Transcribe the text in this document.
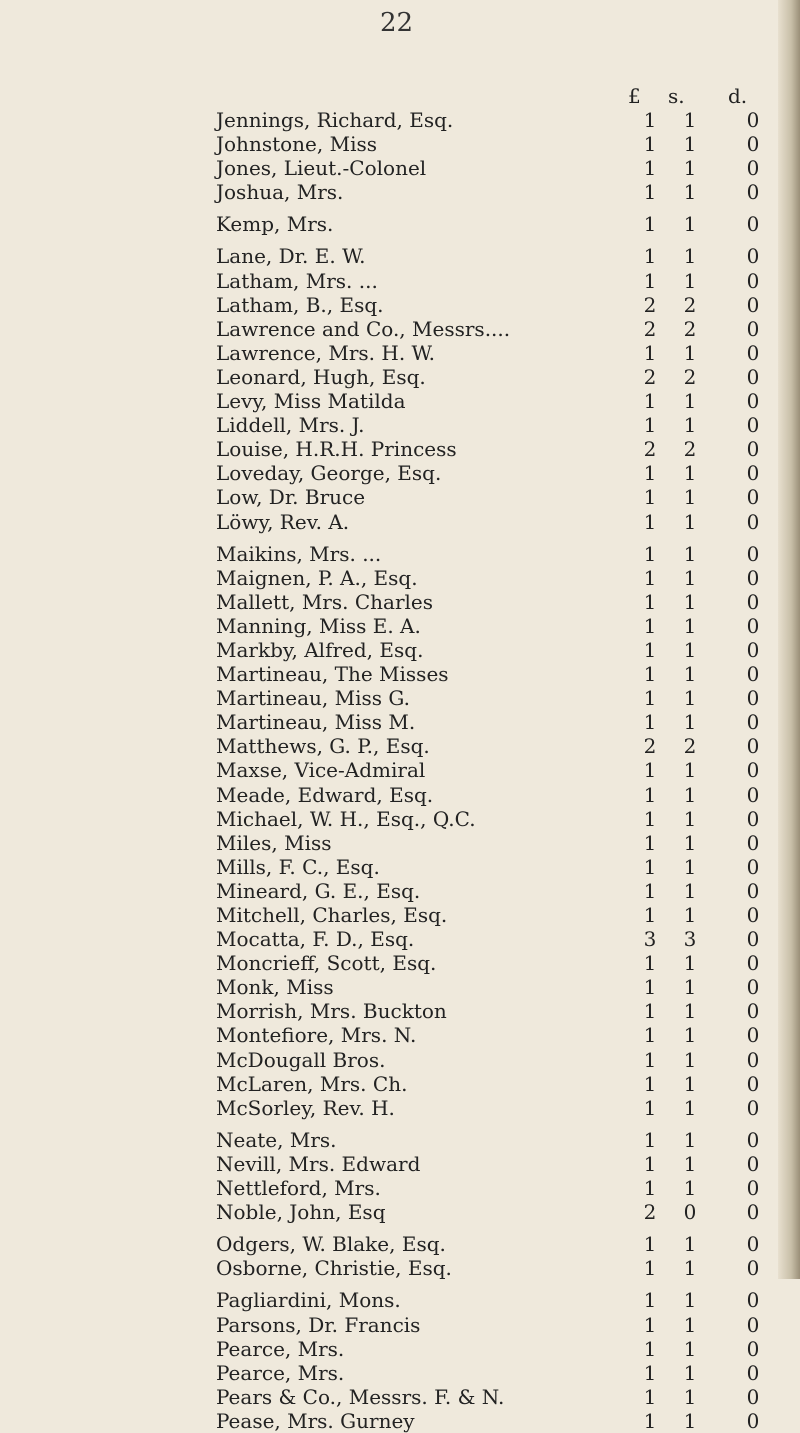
22
£ s. d.
Jennings, Richard, Esq.	1 1	0
Johnstone, Miss	1 1	0
Jones, Lieut.-Colonel	1 1	0
Joshua, Mrs.	1 1	0
Kemp, Mrs.	1 1	0
Lane, Dr. E. W.	1 1	0
Latham, Mrs. ...	1 1	0
Latham, B., Esq.	2 2	0
Lawrence and Co., Messrs....	2 2	0
Lawrence, Mrs. H. W.	1 1	0
Leonard, Hugh, Esq.	2 2	0
Levy, Miss Matilda	1 1	0
Liddell, Mrs. J.	1 1	0
Louise, H.R.H. Princess	2 2	0
Loveday, George, Esq.	1 1	0
Low, Dr. Bruce	1 1	0
Löwy, Rev. A.	1 1	0
Maikins, Mrs. ...	1 1	0
Maignen, P. A., Esq.	1 1	0
Mallett, Mrs. Charles	1 1	0
Manning, Miss E. A.	1 1	0
Markby, Alfred, Esq.	1 1	0
Martineau, The Misses	1 1	0
Martineau, Miss G.	1 1	0
Martineau, Miss M.	1 1	0
Matthews, G. P., Esq.	2 2	0
Maxse, Vice-Admiral	1 1	0
Meade, Edward, Esq.	1 1	0
Michael, W. H., Esq., Q.C.	1 1	0
Miles, Miss	1 1	0
Mills, F. C., Esq.	1 1	0
Mineard, G. E., Esq.	1 1	0
Mitchell, Charles, Esq.	1 1	0
Mocatta, F. D., Esq.	3 3	0
Moncrieff, Scott, Esq.	1 1	0
Monk, Miss	1 1	0
Morrish, Mrs. Buckton	1 1	0
Montefiore, Mrs. N.	1 1	0
McDougall Bros.	1 1	0
McLaren, Mrs. Ch.	1 1	0
McSorley, Rev. H.	1 1	0
Neate, Mrs.	1 1	0
Nevill, Mrs. Edward	1 1	0
Nettleford, Mrs.	1 1	0
Noble, John, Esq	2 0	0
Odgers, W. Blake, Esq.	1 1	0
Osborne, Christie, Esq.	1 1	0
Pagliardini, Mons.	1 1	0
Parsons, Dr. Francis	1 1	0
Pearce, Mrs.	1 1	0
Pearce, Mrs.	1 1	0
Pears & Co., Messrs. F. & N.	1 1	0
Pease, Mrs. Gurney	1 1	0
